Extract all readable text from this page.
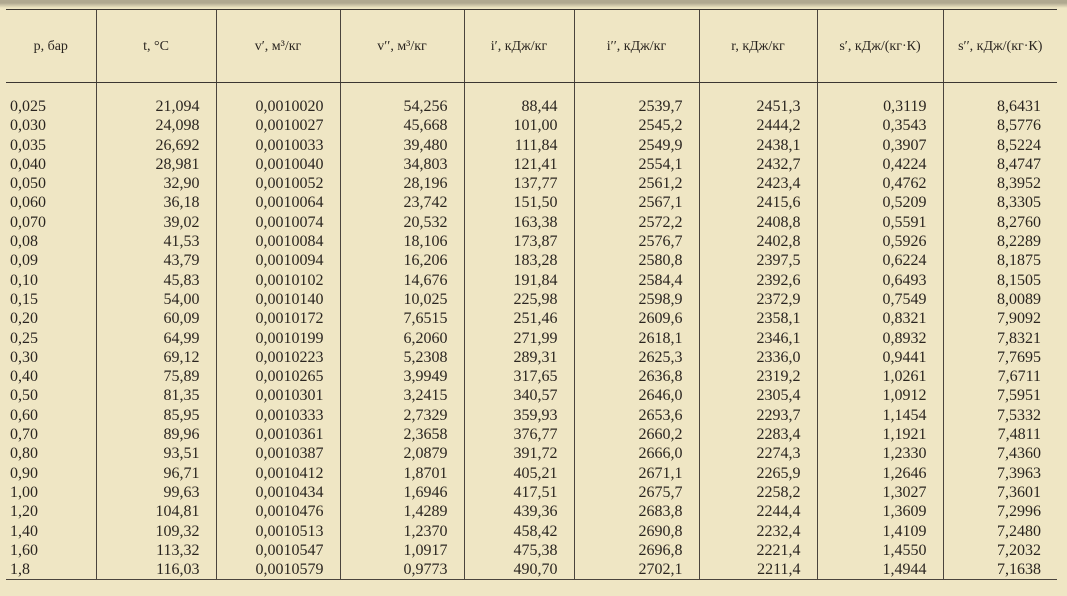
p, бар	t, °C	v′, м³/кг	v′′, м³/кг	i′, кДж/кг	i′′, кДж/кг	r, кДж/кг	s′, кДж/(кг·К)	s′′, кДж/(кг·К)
0,025	21,094	0,0010020	54,256	88,44	2539,7	2451,3	0,3119	8,6431
0,030	24,098	0,0010027	45,668	101,00	2545,2	2444,2	0,3543	8,5776
0,035	26,692	0,0010033	39,480	111,84	2549,9	2438,1	0,3907	8,5224
0,040	28,981	0,0010040	34,803	121,41	2554,1	2432,7	0,4224	8,4747
0,050	32,90	0,0010052	28,196	137,77	2561,2	2423,4	0,4762	8,3952
0,060	36,18	0,0010064	23,742	151,50	2567,1	2415,6	0,5209	8,3305
0,070	39,02	0,0010074	20,532	163,38	2572,2	2408,8	0,5591	8,2760
0,08	41,53	0,0010084	18,106	173,87	2576,7	2402,8	0,5926	8,2289
0,09	43,79	0,0010094	16,206	183,28	2580,8	2397,5	0,6224	8,1875
0,10	45,83	0,0010102	14,676	191,84	2584,4	2392,6	0,6493	8,1505
0,15	54,00	0,0010140	10,025	225,98	2598,9	2372,9	0,7549	8,0089
0,20	60,09	0,0010172	7,6515	251,46	2609,6	2358,1	0,8321	7,9092
0,25	64,99	0,0010199	6,2060	271,99	2618,1	2346,1	0,8932	7,8321
0,30	69,12	0,0010223	5,2308	289,31	2625,3	2336,0	0,9441	7,7695
0,40	75,89	0,0010265	3,9949	317,65	2636,8	2319,2	1,0261	7,6711
0,50	81,35	0,0010301	3,2415	340,57	2646,0	2305,4	1,0912	7,5951
0,60	85,95	0,0010333	2,7329	359,93	2653,6	2293,7	1,1454	7,5332
0,70	89,96	0,0010361	2,3658	376,77	2660,2	2283,4	1,1921	7,4811
0,80	93,51	0,0010387	2,0879	391,72	2666,0	2274,3	1,2330	7,4360
0,90	96,71	0,0010412	1,8701	405,21	2671,1	2265,9	1,2646	7,3963
1,00	99,63	0,0010434	1,6946	417,51	2675,7	2258,2	1,3027	7,3601
1,20	104,81	0,0010476	1,4289	439,36	2683,8	2244,4	1,3609	7,2996
1,40	109,32	0,0010513	1,2370	458,42	2690,8	2232,4	1,4109	7,2480
1,60	113,32	0,0010547	1,0917	475,38	2696,8	2221,4	1,4550	7,2032
1,8	116,03	0,0010579	0,9773	490,70	2702,1	2211,4	1,4944	7,1638
